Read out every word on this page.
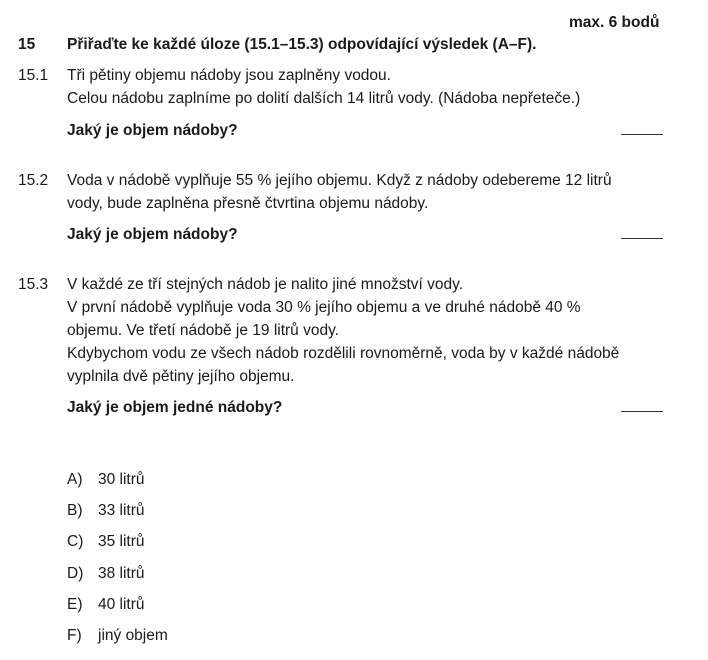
max. 6 bodů
15 Přiřaďte ke každé úloze (15.1–15.3) odpovídající výsledek (A–F).
15.1 Tři pětiny objemu nádoby jsou zaplněny vodou.
Celou nádobu zaplníme po dolití dalších 14 litrů vody. (Nádoba nepřeteče.)
Jaký je objem nádoby?
15.2 Voda v nádobě vyplňuje 55 % jejího objemu. Když z nádoby odebereme 12 litrů
vody, bude zaplněna přesně čtvrtina objemu nádoby.
Jaký je objem nádoby?
15.3 V každé ze tří stejných nádob je nalito jiné množství vody.
V první nádobě vyplňuje voda 30 % jejího objemu a ve druhé nádobě 40 %
objemu. Ve třetí nádobě je 19 litrů vody.
Kdybychom vodu ze všech nádob rozdělili rovnoměrně, voda by v každé nádobě
vyplnila dvě pětiny jejího objemu.
Jaký je objem jedné nádoby?
A) 30 litrů
B) 33 litrů
C) 35 litrů
D) 38 litrů
E) 40 litrů
F) jiný objem
